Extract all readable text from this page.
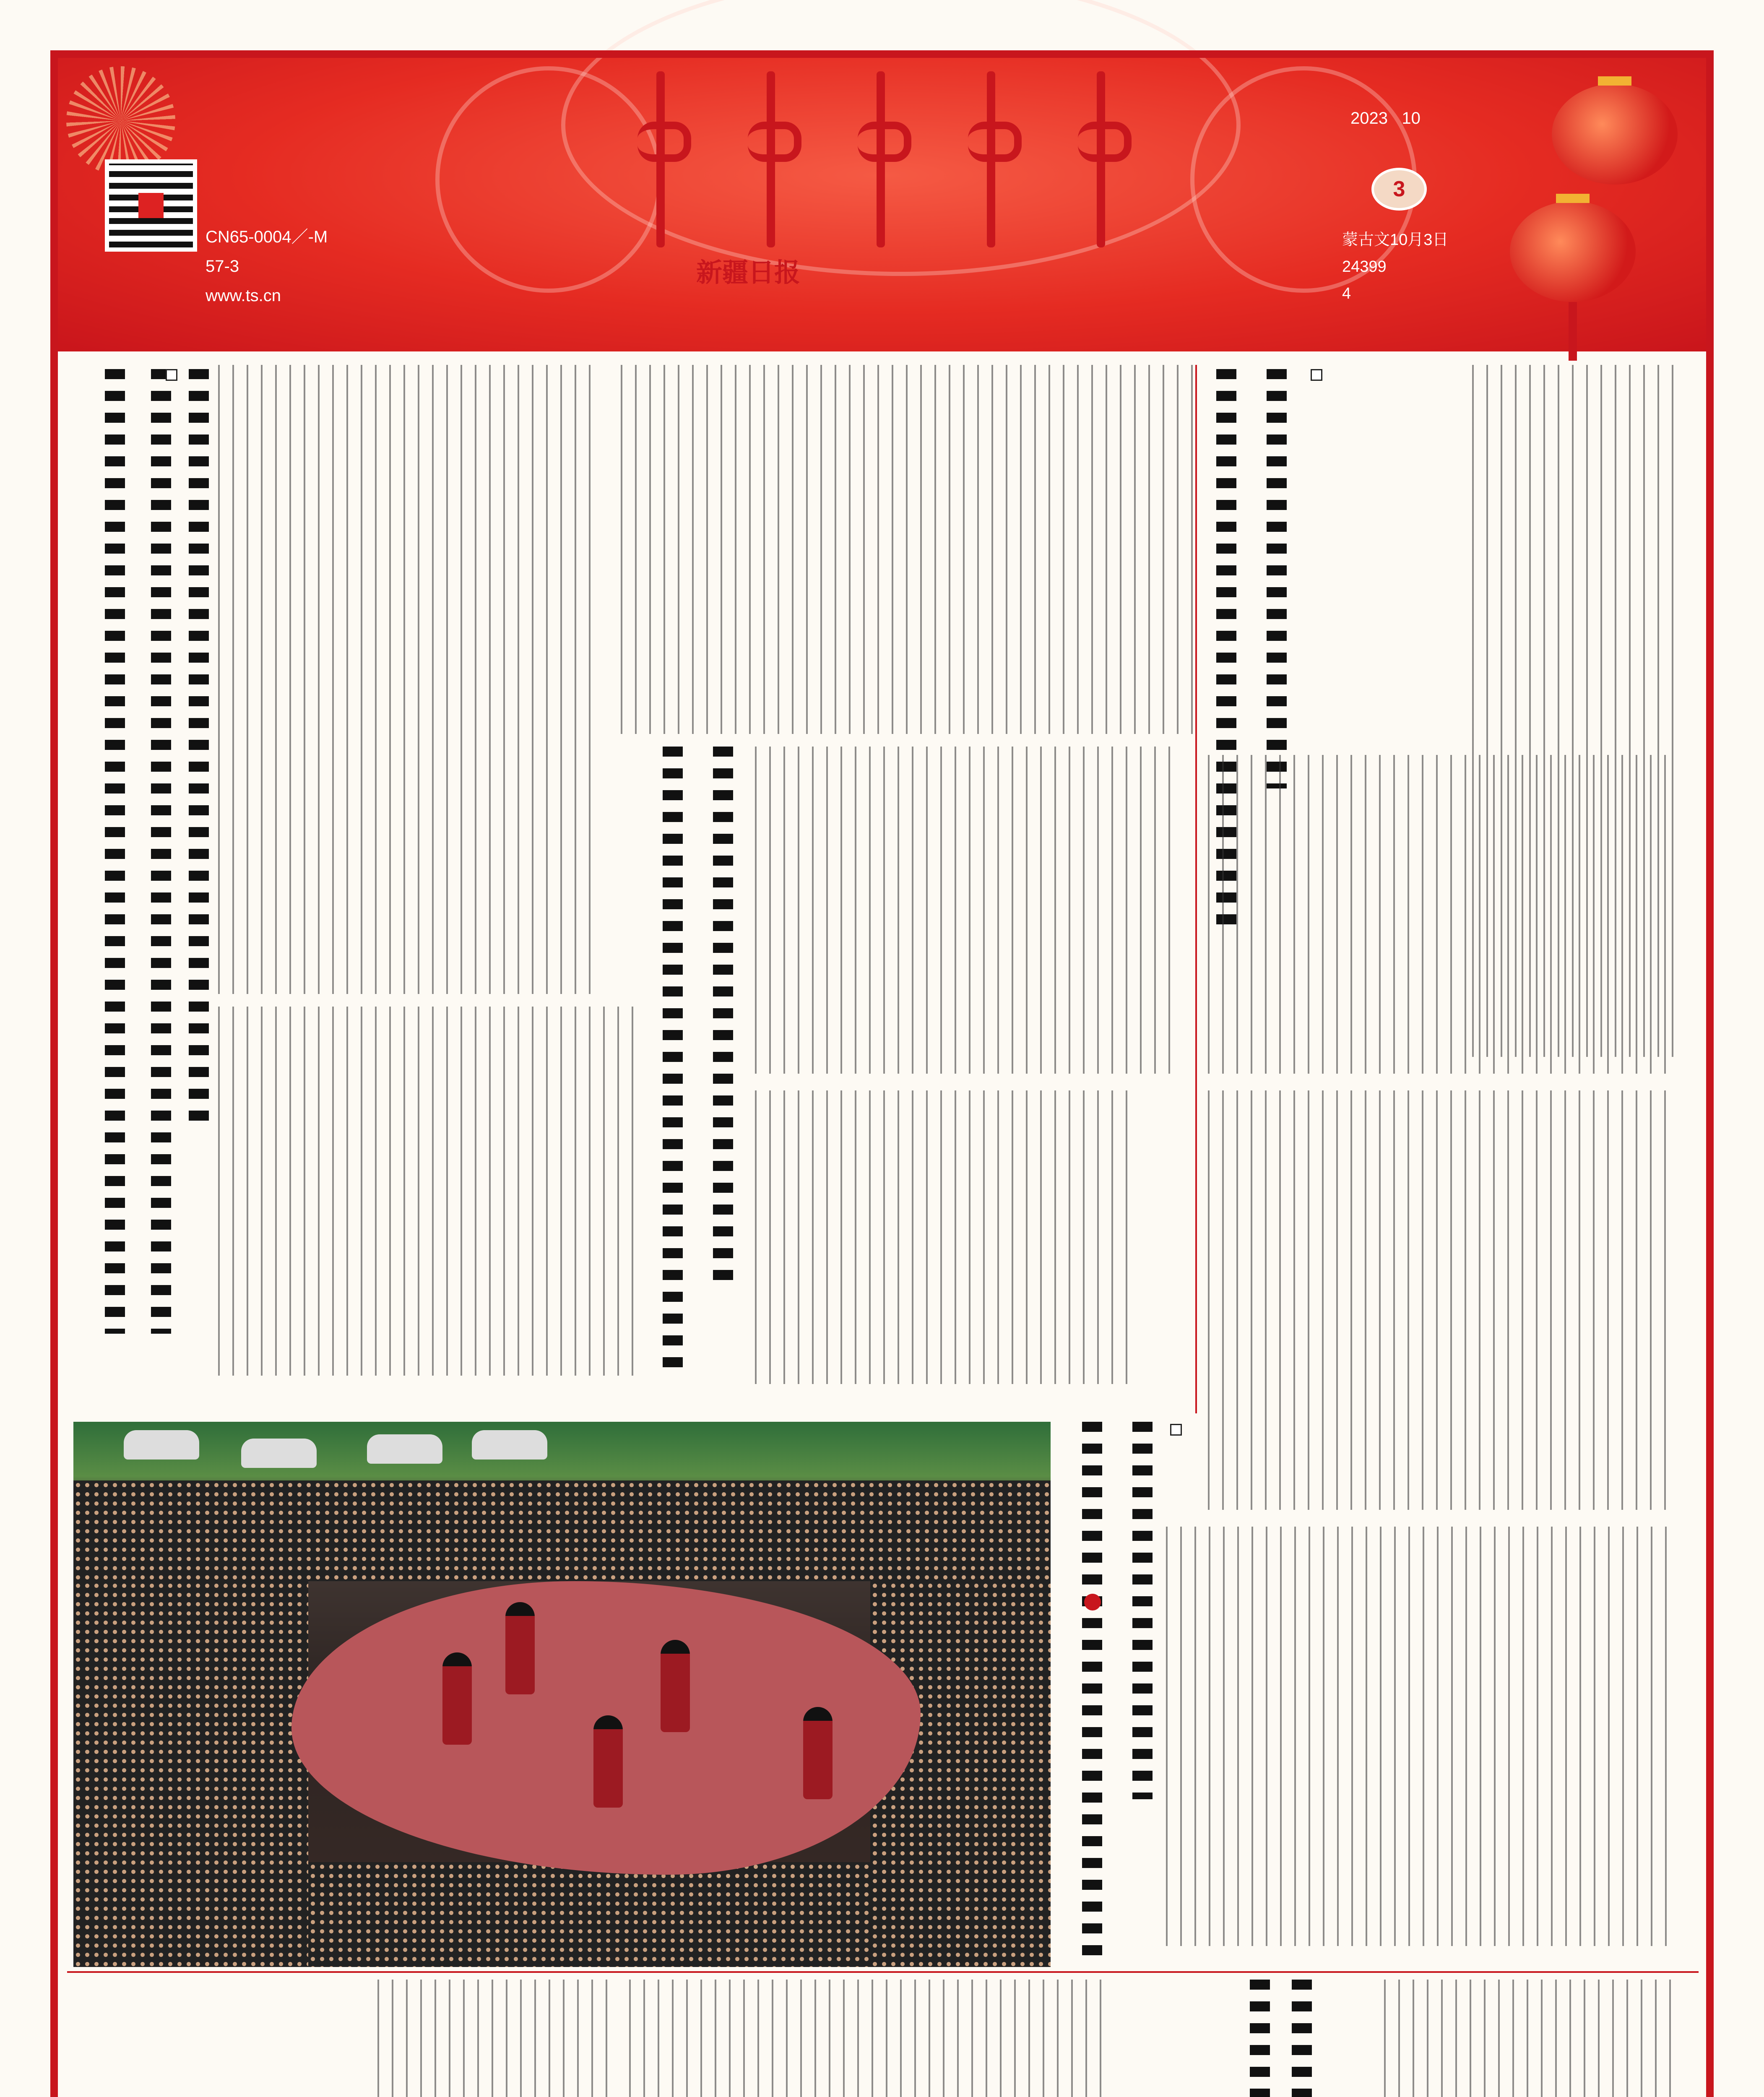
CN65-0004／-M
57-3
www.ts.cn
新疆日报
2023 10
3
蒙古文10月3日
24399
4
